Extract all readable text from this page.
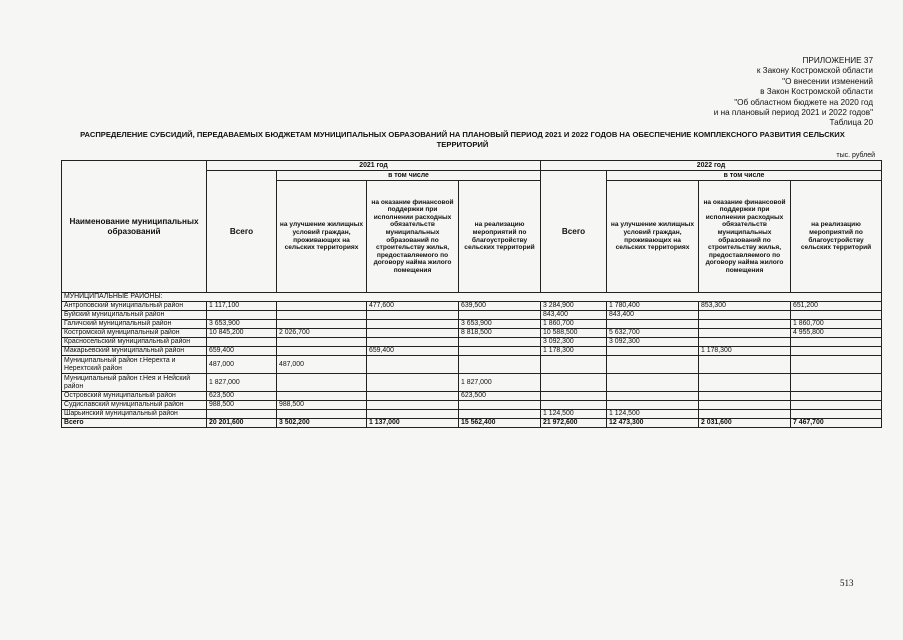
ПРИЛОЖЕНИЕ 37
к Закону Костромской области
"О внесении изменений
в Закон Костромской области
"Об областном бюджете на 2020 год
и на плановый период 2021 и 2022 годов"
Таблица 20
РАСПРЕДЕЛЕНИЕ СУБСИДИЙ, ПЕРЕДАВАЕМЫХ БЮДЖЕТАМ МУНИЦИПАЛЬНЫХ ОБРАЗОВАНИЙ НА ПЛАНОВЫЙ ПЕРИОД 2021 И 2022 ГОДОВ НА ОБЕСПЕЧЕНИЕ КОМПЛЕКСНОГО РАЗВИТИЯ СЕЛЬСКИХ ТЕРРИТОРИЙ
тыс. рублей
Наименование муниципальных образований	2021 год				2022 год			
	Всего	в том числе			Всего	в том числе		
		на улучшение жилищных условий граждан, проживающих на сельских территориях	на оказание финансовой поддержки при исполнении расходных обязательств муниципальных образований по строительству жилья, предоставляемого по договору найма жилого помещения	на реализацию мероприятий по благоустройству сельских территорий		на улучшение жилищных условий граждан, проживающих на сельских территориях	на оказание финансовой поддержки при исполнении расходных обязательств муниципальных образований по строительству жилья, предоставляемого по договору найма жилого помещения	на реализацию мероприятий по благоустройству сельских территорий
МУНИЦИПАЛЬНЫЕ РАЙОНЫ:								
Антроповский муниципальный район	1 117,100		477,600	639,500	3 284,900	1 780,400	853,300	651,200
Буйский муниципальный район					843,400	843,400		
Галичский муниципальный район	3 653,900			3 653,900	1 860,700			1 860,700
Костромской муниципальный район	10 845,200	2 026,700		8 818,500	10 588,500	5 632,700		4 955,800
Красносельский муниципальный район					3 092,300	3 092,300		
Макарьевский муниципальный район	659,400		659,400		1 178,300		1 178,300	
Муниципальный район г.Нерехта и Нерехтский район	487,000	487,000						
Муниципальный район г.Нея и Нейский район	1 827,000			1 827,000				
Островский муниципальный район	623,500			623,500				
Судиславский муниципальный район	988,500	988,500						
Шарьинский муниципальный район					1 124,500	1 124,500		
Всего	20 201,600	3 502,200	1 137,000	15 562,400	21 972,600	12 473,300	2 031,600	7 467,700
513
